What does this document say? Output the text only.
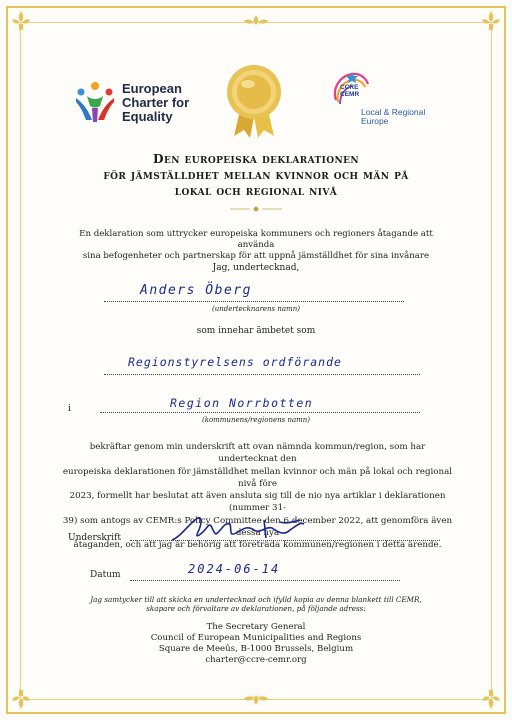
European
Charter for
Equality
CCRE CEMR
Local & Regional
Europe
Den europeiska deklarationen
för jämställdhet mellan kvinnor och män på
lokal och regional nivå
En deklaration som uttrycker europeiska kommuners och regioners åtagande att använda
sina befogenheter och partnerskap för att uppnå jämställdhet för sina invånare
Jag, undertecknad,
Anders Öberg
(undertecknarens namn)
som innehar ämbetet som
Regionstyrelsens ordförande
i	Region Norrbotten
(kommunens/regionens namn)
bekräftar genom min underskrift att ovan nämnda kommun/region, som har undertecknat den
europeiska deklarationen för jämställdhet mellan kvinnor och män på lokal och regional nivå före
2023, formellt har beslutat att även ansluta sig till de nio nya artiklar i deklarationen (nummer 31-
39) som antogs av CEMR:s Policy Committee den 6 december 2022, att genomföra även dessa nya
åtaganden, och att jag är behörig att företräda kommunen/regionen i detta ärende.
Underskrift
Datum	2024-06-14
Jag samtycker till att skicka en undertecknad och ifylld kopia av denna blankett till CEMR,
skapare och förvaltare av deklarationen, på följande adress:
The Secretary General
Council of European Municipalities and Regions
Square de Meeûs, B-1000 Brussels, Belgium
charter@ccre-cemr.org
